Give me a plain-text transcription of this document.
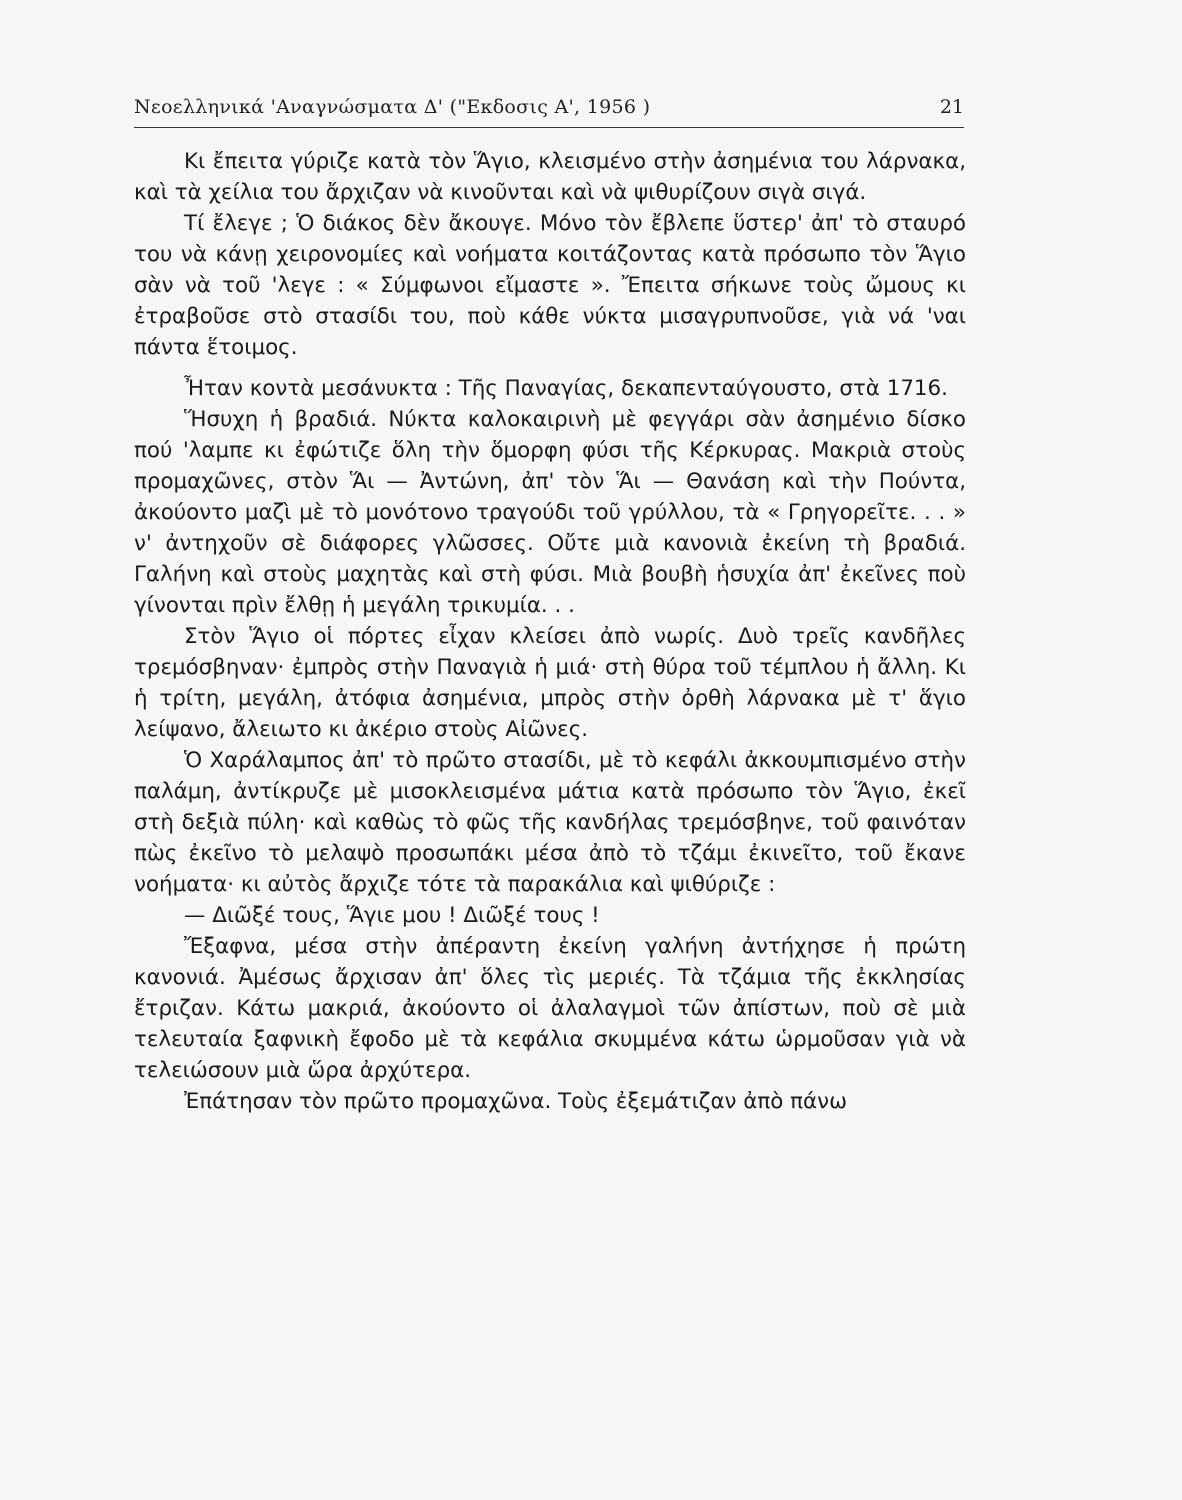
Νεοελληνικά 'Αναγνώσματα Δ' ("Εκδοσις Α', 1956 )	21

Κι ἔπειτα γύριζε κατὰ τὸν Ἅγιο, κλεισμένο στὴν ἀσημένια του λάρνακα, καὶ τὰ χείλια του ἄρχιζαν νὰ κινοῦνται καὶ νὰ ψιθυρίζουν σιγὰ σιγά.

Τί ἔλεγε ; Ὁ διάκος δὲν ἄκουγε. Μόνο τὸν ἔβλεπε ὕστερ' ἀπ' τὸ σταυρό του νὰ κάνῃ χειρονομίες καὶ νοήματα κοιτάζοντας κατὰ πρόσωπο τὸν Ἅγιο σὰν νὰ τοῦ 'λεγε : « Σύμφωνοι εἴμαστε ». Ἔπειτα σήκωνε τοὺς ὤμους κι ἐτραβοῦσε στὸ στασίδι του, ποὺ κάθε νύκτα μισαγρυπνοῦσε, γιὰ νά 'ναι πάντα ἕτοιμος.

Ἦταν κοντὰ μεσάνυκτα : Τῆς Παναγίας, δεκαπενταύγουστο, στὰ 1716.

Ἥσυχη ἡ βραδιά. Νύκτα καλοκαιρινὴ μὲ φεγγάρι σὰν ἀσημένιο δίσκο πού 'λαμπε κι ἐφώτιζε ὅλη τὴν ὅμορφη φύσι τῆς Κέρκυρας. Μακριὰ στοὺς προμαχῶνες, στὸν Ἅι — Ἀντώνη, ἀπ' τὸν Ἅι — Θανάση καὶ τὴν Πούντα, ἀκούοντο μαζὶ μὲ τὸ μονότονο τραγούδι τοῦ γρύλλου, τὰ « Γρηγορεῖτε. . . » ν' ἀντηχοῦν σὲ διάφορες γλῶσσες. Οὔτε μιὰ κανονιὰ ἐκείνη τὴ βραδιά. Γαλήνη καὶ στοὺς μαχητὰς καὶ στὴ φύσι. Μιὰ βουβὴ ἡσυχία ἀπ' ἐκεῖνες ποὺ γίνονται πρὶν ἔλθῃ ἡ μεγάλη τρικυμία. . .

Στὸν Ἅγιο οἱ πόρτες εἶχαν κλείσει ἀπὸ νωρίς. Δυὸ τρεῖς κανδῆλες τρεμόσβηναν· ἐμπρὸς στὴν Παναγιὰ ἡ μιά· στὴ θύρα τοῦ τέμπλου ἡ ἄλλη. Κι ἡ τρίτη, μεγάλη, ἀτόφια ἀσημένια, μπρὸς στὴν ὀρθὴ λάρνακα μὲ τ' ἅγιο λείψανο, ἄλειωτο κι ἀκέριο στοὺς Αἰῶνες.

Ὁ Χαράλαμπος ἀπ' τὸ πρῶτο στασίδι, μὲ τὸ κεφάλι ἀκκουμπισμένο στὴν παλάμη, ἀντίκρυζε μὲ μισοκλεισμένα μάτια κατὰ πρόσωπο τὸν Ἅγιο, ἐκεῖ στὴ δεξιὰ πύλη· καὶ καθὼς τὸ φῶς τῆς κανδήλας τρεμόσβηνε, τοῦ φαινόταν πὼς ἐκεῖνο τὸ μελαψὸ προσωπάκι μέσα ἀπὸ τὸ τζάμι ἐκινεῖτο, τοῦ ἔκανε νοήματα· κι αὐτὸς ἄρχιζε τότε τὰ παρακάλια καὶ ψιθύριζε :

— Διῶξέ τους, Ἅγιε μου ! Διῶξέ τους !

Ἔξαφνα, μέσα στὴν ἀπέραντη ἐκείνη γαλήνη ἀντήχησε ἡ πρώτη κανονιά. Ἀμέσως ἄρχισαν ἀπ' ὅλες τὶς μεριές. Τὰ τζάμια τῆς ἐκκλησίας ἔτριζαν. Κάτω μακριά, ἀκούοντο οἱ ἀλαλαγμοὶ τῶν ἀπίστων, ποὺ σὲ μιὰ τελευταία ξαφνικὴ ἔφοδο μὲ τὰ κεφάλια σκυμμένα κάτω ὡρμοῦσαν γιὰ νὰ τελειώσουν μιὰ ὥρα ἀρχύτερα.

Ἐπάτησαν τὸν πρῶτο προμαχῶνα. Τοὺς ἐξεμάτιζαν ἀπὸ πάνω
